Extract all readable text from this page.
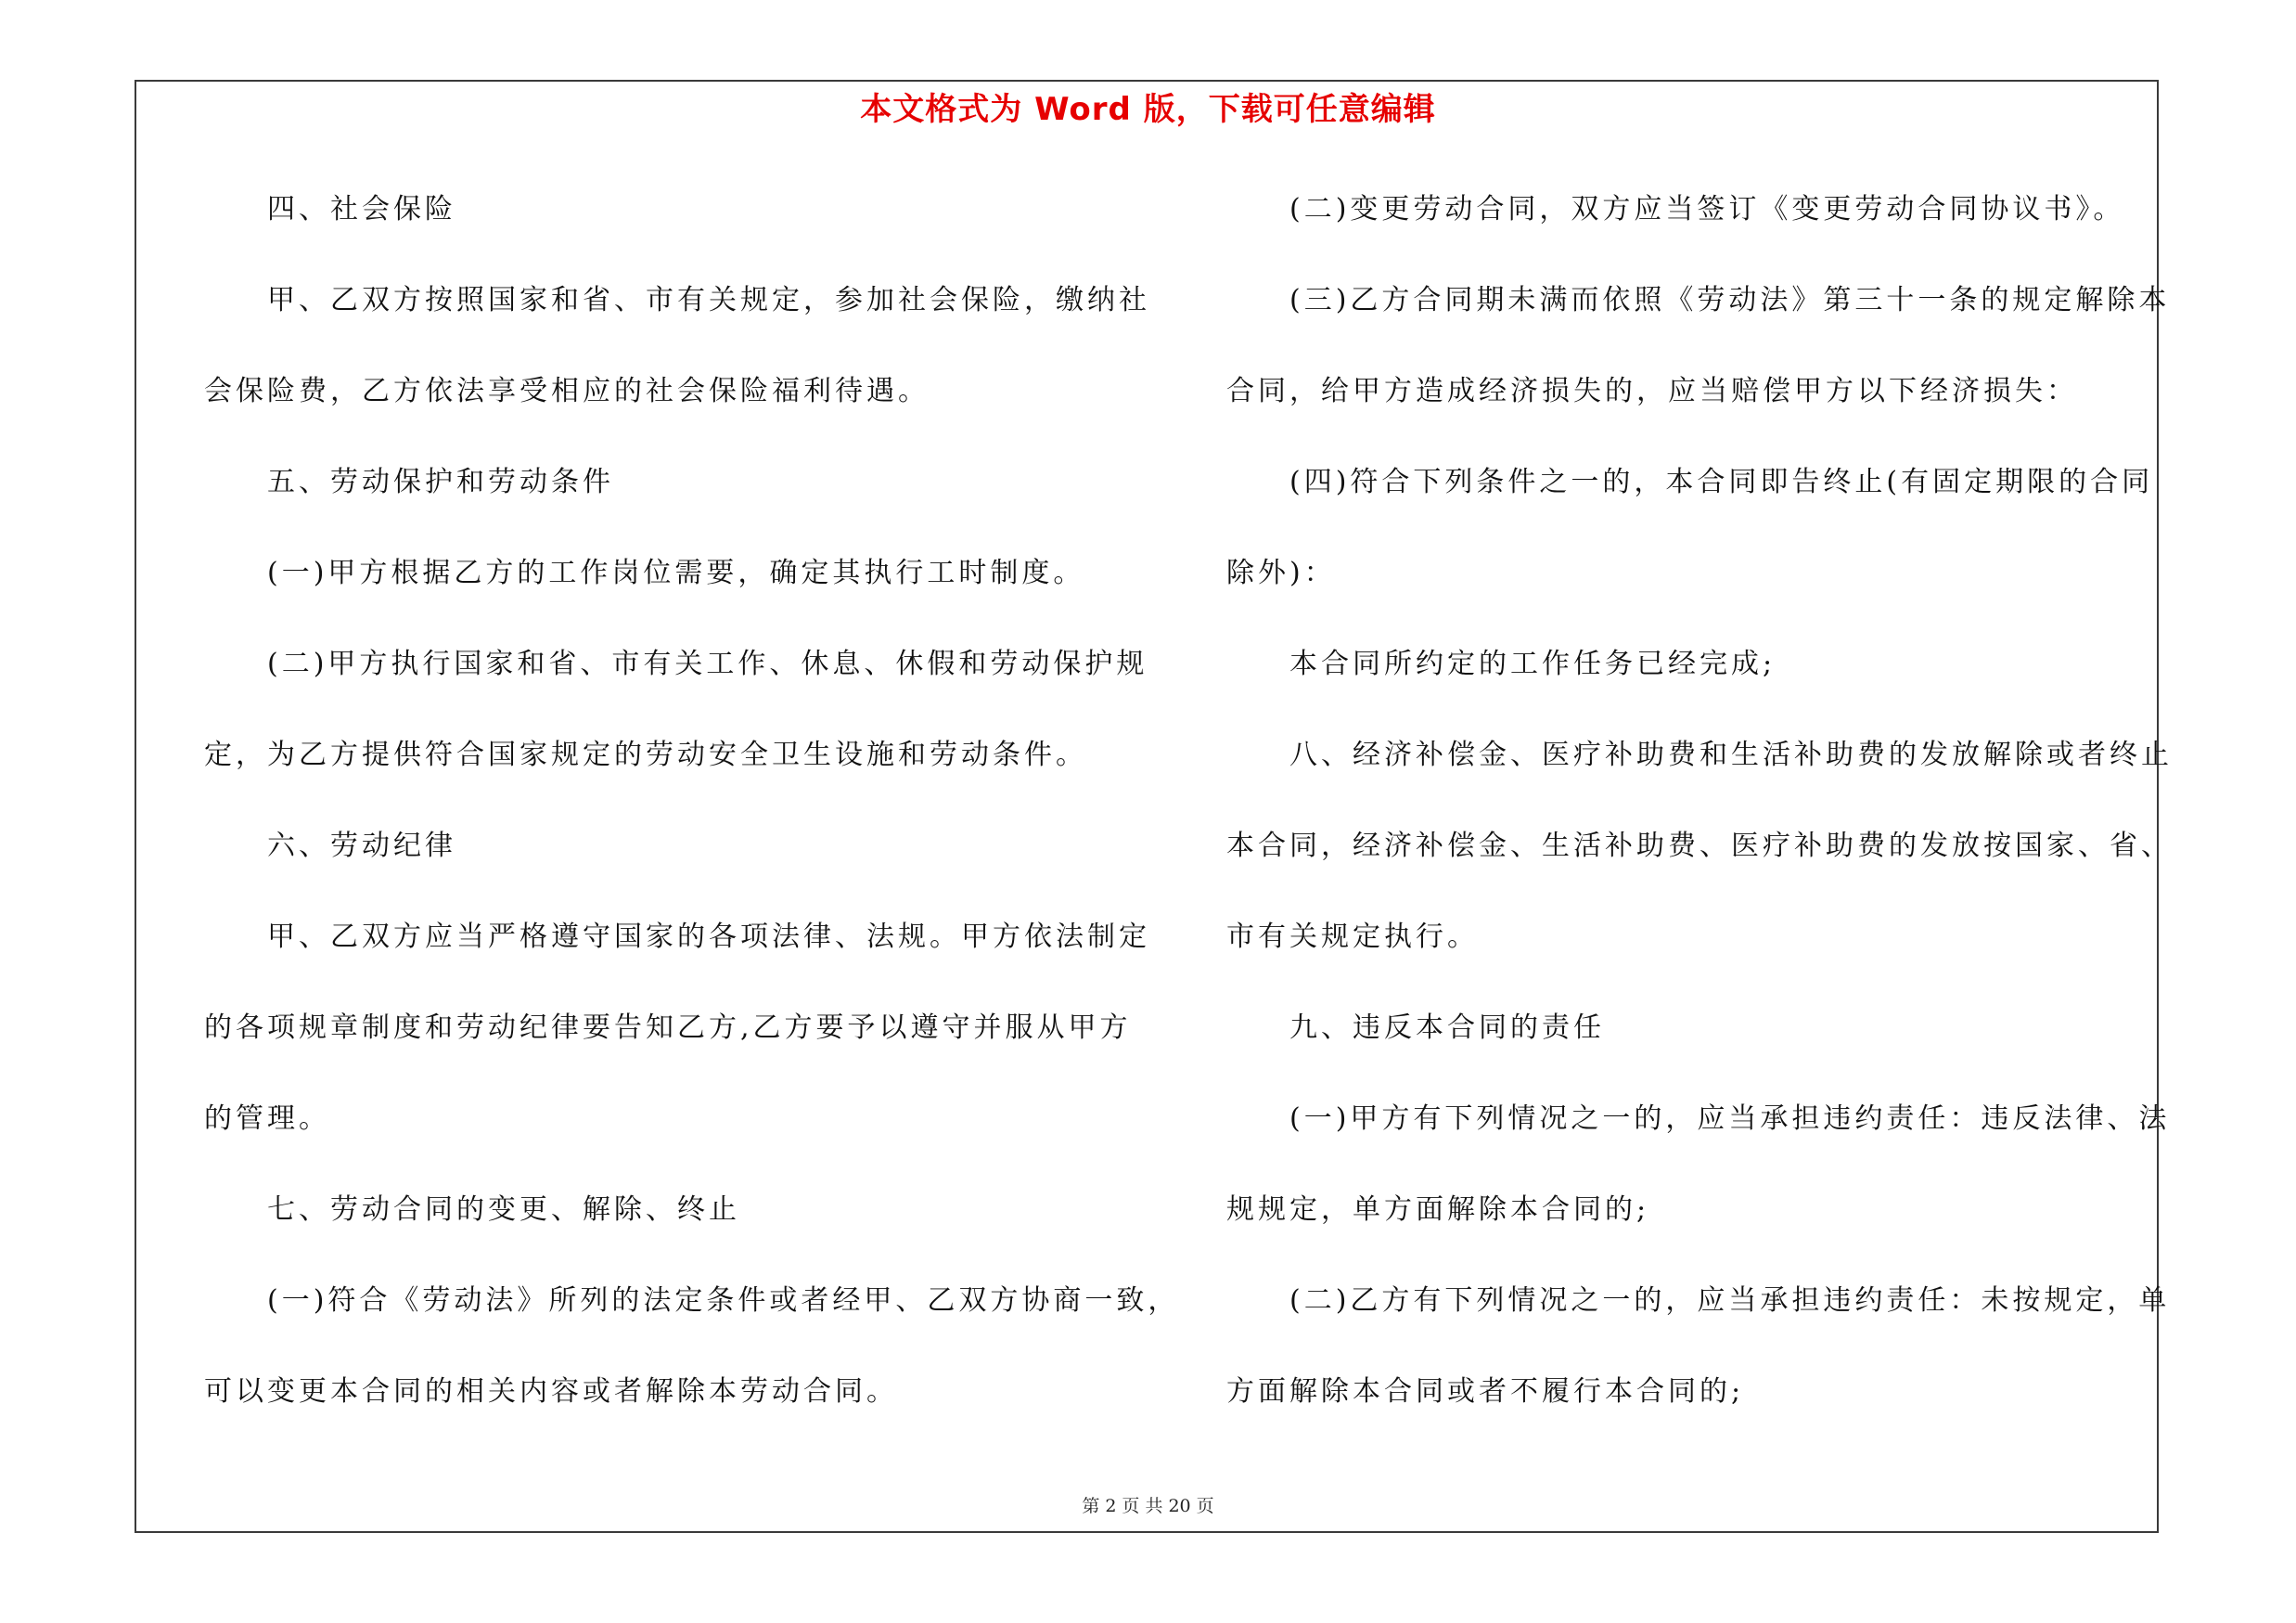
本文格式为 Word 版，下载可任意编辑
四、社会保险
甲、乙双方按照国家和省、市有关规定，参加社会保险，缴纳社
会保险费，乙方依法享受相应的社会保险福利待遇。
五、劳动保护和劳动条件
(一)甲方根据乙方的工作岗位需要，确定其执行工时制度。
(二)甲方执行国家和省、市有关工作、休息、休假和劳动保护规
定，为乙方提供符合国家规定的劳动安全卫生设施和劳动条件。
六、劳动纪律
甲、乙双方应当严格遵守国家的各项法律、法规。甲方依法制定
的各项规章制度和劳动纪律要告知乙方,乙方要予以遵守并服从甲方
的管理。
七、劳动合同的变更、解除、终止
(一)符合《劳动法》所列的法定条件或者经甲、乙双方协商一致，
可以变更本合同的相关内容或者解除本劳动合同。
(二)变更劳动合同，双方应当签订《变更劳动合同协议书》。
(三)乙方合同期未满而依照《劳动法》第三十一条的规定解除本
合同，给甲方造成经济损失的，应当赔偿甲方以下经济损失：
(四)符合下列条件之一的，本合同即告终止(有固定期限的合同
除外)：
本合同所约定的工作任务已经完成;
八、经济补偿金、医疗补助费和生活补助费的发放解除或者终止
本合同，经济补偿金、生活补助费、医疗补助费的发放按国家、省、
市有关规定执行。
九、违反本合同的责任
(一)甲方有下列情况之一的，应当承担违约责任：违反法律、法
规规定，单方面解除本合同的;
(二)乙方有下列情况之一的，应当承担违约责任：未按规定，单
方面解除本合同或者不履行本合同的;
第 2 页 共 20 页
